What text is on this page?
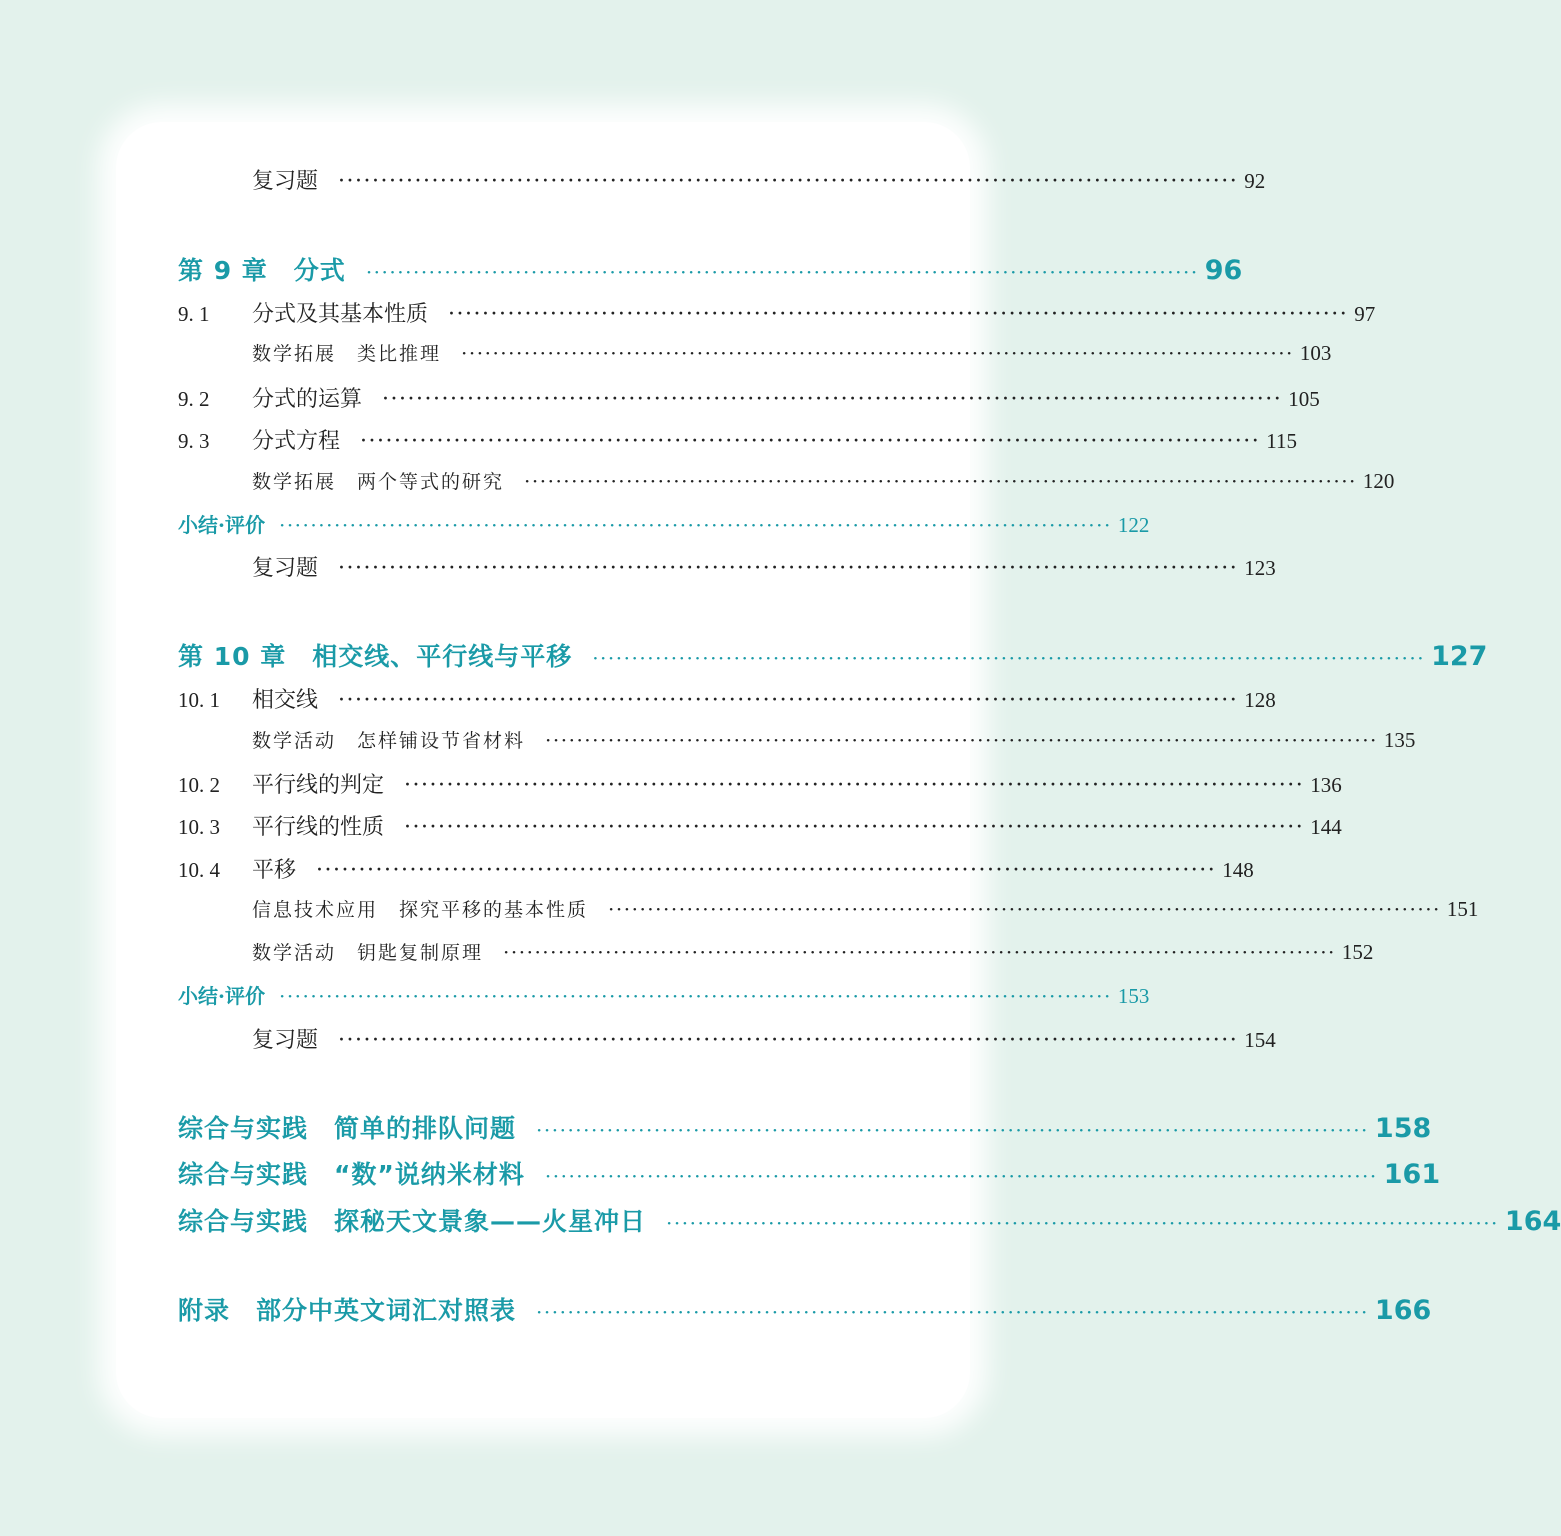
复习题 ·········································································································· 92
第 9 章　分式 ·········································································································· 96
9. 1	分式及其基本性质 ·········································································································· 97
数学拓展　类比推理 ·········································································································· 103
9. 2	分式的运算 ·········································································································· 105
9. 3	分式方程 ·········································································································· 115
数学拓展　两个等式的研究 ·········································································································· 120
小结·评价 ·········································································································· 122
复习题 ·········································································································· 123
第 10 章　相交线、平行线与平移 ·········································································································· 127
10. 1	相交线 ·········································································································· 128
数学活动　怎样铺设节省材料 ·········································································································· 135
10. 2	平行线的判定 ·········································································································· 136
10. 3	平行线的性质 ·········································································································· 144
10. 4	平移 ·········································································································· 148
信息技术应用　探究平移的基本性质 ·········································································································· 151
数学活动　钥匙复制原理 ·········································································································· 152
小结·评价 ·········································································································· 153
复习题 ·········································································································· 154
综合与实践　简单的排队问题 ·········································································································· 158
综合与实践　“数”说纳米材料 ·········································································································· 161
综合与实践　探秘天文景象——火星冲日 ·········································································································· 164
附录　部分中英文词汇对照表 ·········································································································· 166
